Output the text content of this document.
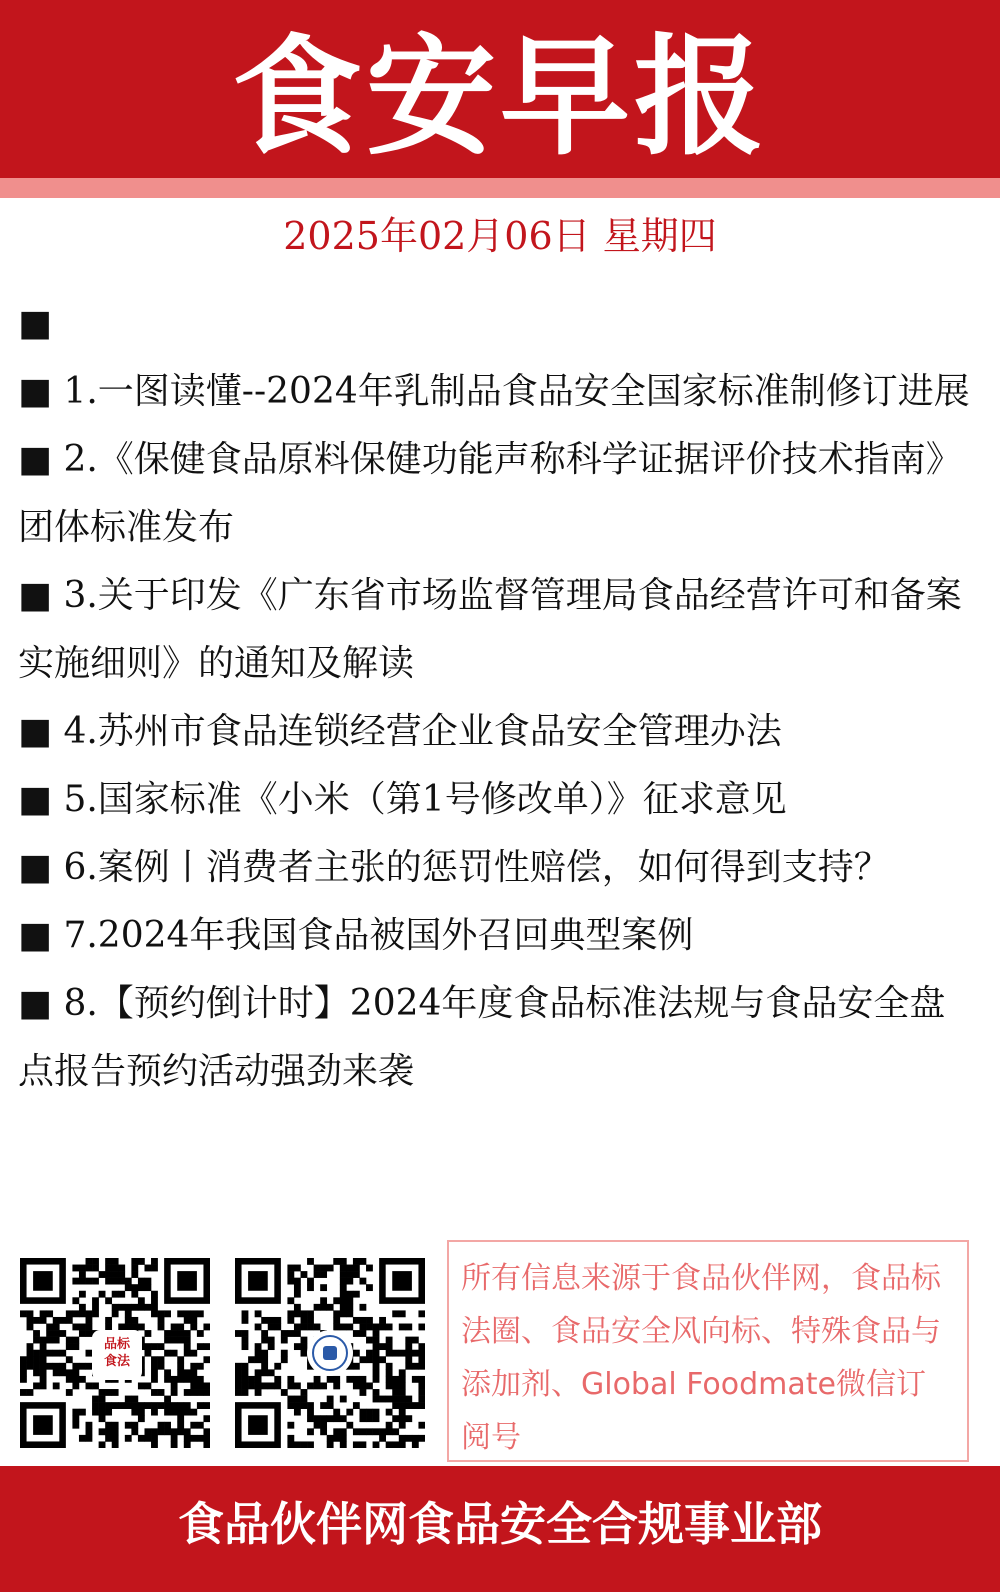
食安早报
2025年02月06日 星期四

■

■ 1.一图读懂--2024年乳制品食品安全国家标准制修订进展

■ 2.《保健食品原料保健功能声称科学证据评价技术指南》团体标准发布

■ 3.关于印发《广东省市场监督管理局食品经营许可和备案实施细则》的通知及解读

■ 4.苏州市食品连锁经营企业食品安全管理办法

■ 5.国家标准《小米（第1号修改单）》征求意见

■ 6.案例丨消费者主张的惩罚性赔偿，如何得到支持？

■ 7.2024年我国食品被国外召回典型案例

■ 8.【预约倒计时】2024年度食品标准法规与食品安全盘点报告预约活动强劲来袭

品标
食法
所有信息来源于食品伙伴网，食品标法圈、食品安全风向标、特殊食品与添加剂、Global Foodmate微信订阅号
食品伙伴网食品安全合规事业部
